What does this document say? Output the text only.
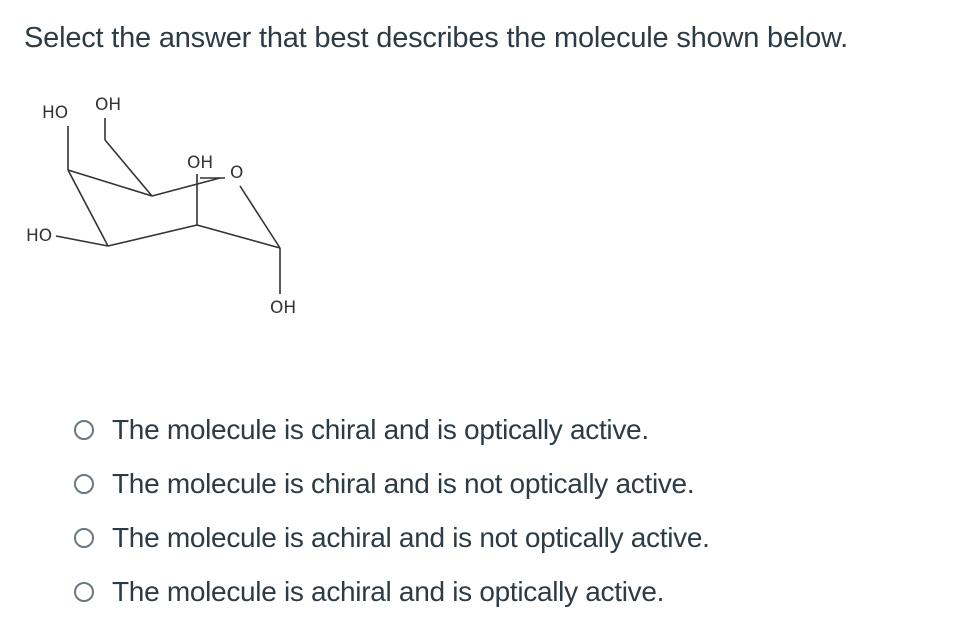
Select the answer that best describes the molecule shown below.
HO OH
OH O
HO
OH
The molecule is chiral and is optically active.
The molecule is chiral and is not optically active.
The molecule is achiral and is not optically active.
The molecule is achiral and is optically active.
